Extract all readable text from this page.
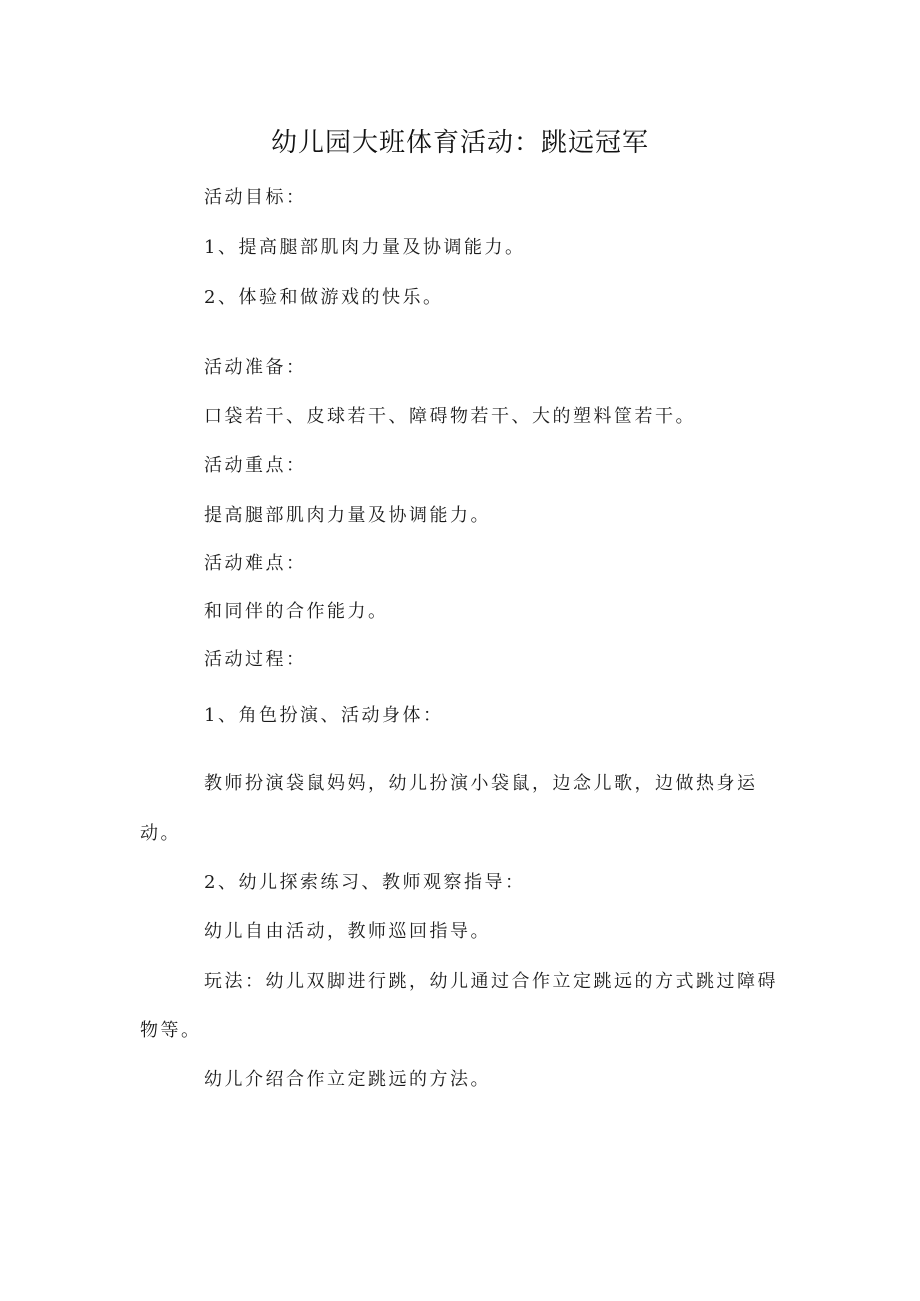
幼儿园大班体育活动：跳远冠军

活动目标：

1、提高腿部肌肉力量及协调能力。

2、体验和做游戏的快乐。

活动准备：

口袋若干、皮球若干、障碍物若干、大的塑料筐若干。

活动重点：

提高腿部肌肉力量及协调能力。

活动难点：

和同伴的合作能力。

活动过程：

1、角色扮演、活动身体：

教师扮演袋鼠妈妈，幼儿扮演小袋鼠，边念儿歌，边做热身运

动。

2、幼儿探索练习、教师观察指导：

幼儿自由活动，教师巡回指导。

玩法：幼儿双脚进行跳，幼儿通过合作立定跳远的方式跳过障碍

物等。

幼儿介绍合作立定跳远的方法。
